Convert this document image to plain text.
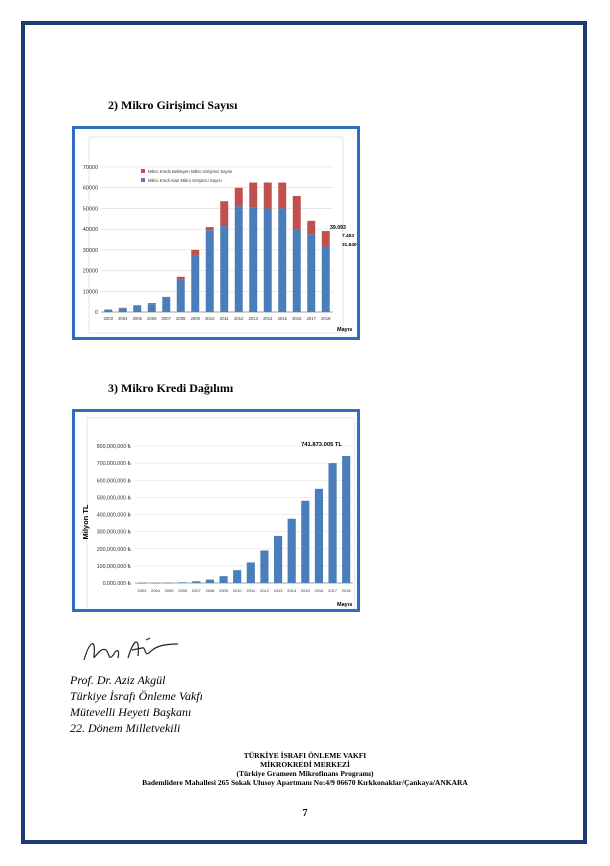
2) Mikro Girişimci Sayısı
0
10000
20000
30000
40000
50000
60000
70000
2003 2004 2005 2006 2007 2008 2009 2010 2011 2012 2013 2014 2015 2016 2017 2018
Mikro Krediı Bekleyen Mikro Girişimci Sayısı
Mikro Kredi Alan Mikro Girişimci Sayısı
39.093
7.453
31.640
Mayıs
3) Mikro Kredi Dağılımı
0,000,000 ₺
100,000,000 ₺
200,000,000 ₺
300,000,000 ₺
400,000,000 ₺
500,000,000 ₺
600,000,000 ₺
700,000,000 ₺
800,000,000 ₺
2003 2004 2005 2006 2007 2008 2009 2010 2011 2012 2013 2014 2015 2016 2017 2018
Milyon TL
741.873.005 TL
Mayıs
Prof. Dr. Aziz Akgül
Türkiye İsrafı Önleme Vakfı
Mütevelli Heyeti Başkanı
22. Dönem Milletvekili
TÜRKİYE İSRAFI ÖNLEME VAKFI
MİKROKREDİ MERKEZİ
(Türkiye Grameen Mikrofinans Programı)
Bademlidere Mahallesi 265 Sokak Ulusoy Apartmanı No:4/9 06670 Kırkkonaklar/Çankaya/ANKARA
7
